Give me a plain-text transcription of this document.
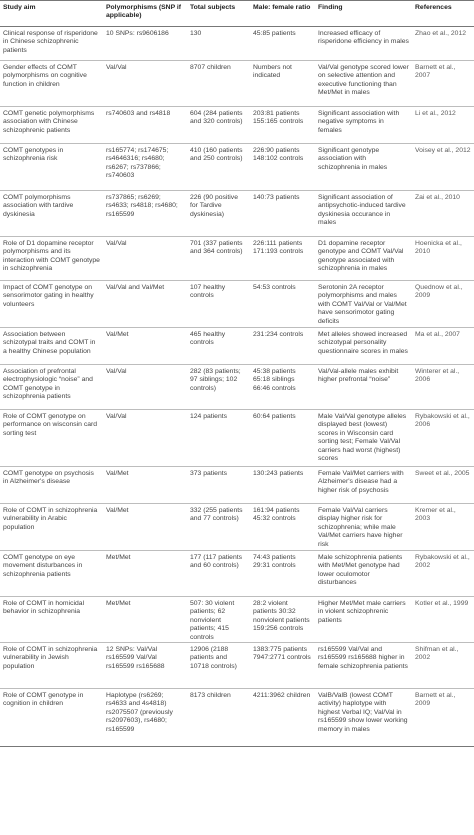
Study aim	Polymorphisms (SNP if applicable)	Total subjects	Male: female ratio	Finding	References
Clinical response of risperidone in Chinese schizophrenic patients	10 SNPs: rs9606186	130	45:85 patients	Increased efficacy of risperidone efficiency in males	Zhao et al., 2012
Gender effects of COMT polymorphisms on cognitive function in children	Val/Val	8707 children	Numbers not indicated	Val/Val genotype scored lower on selective attention and executive functioning than Met/Met in males	Barnett et al., 2007
COMT genetic polymorphisms association with Chinese schizophrenic patients	rs740603 and rs4818	604 (284 patients and 320 controls)	203:81 patients 155:165 controls	Significant association with negative symptoms in females	Li et al., 2012
COMT genotypes in schizophrenia risk	rs165774; rs174675; rs4646316; rs4680; rs6267; rs737866; rs740603	410 (160 patients and 250 controls)	226:90 patients 148:102 controls	Significant genotype association with schizophrenia in males	Voisey et al., 2012
COMT polymorphisms association with tardive dyskinesia	rs737865; rs6269; rs4633; rs4818; rs4680; rs165599	226 (90 positive for Tardive dyskinesia)	140:73 patients	Significant association of antipsychotic-induced tardive dyskinesia occurance in males	Zai et al., 2010
Role of D1 dopamine receptor polymorphisms and its interaction with COMT genotype in schizophrenia	Val/Val	701 (337 patients and 364 controls)	226:111 patients 171:193 controls	D1 dopamine receptor genotype and COMT Val/Val genotype associated with schizophrenia in males	Hoenicka et al., 2010
Impact of COMT genotype on sensorimotor gating in healthy volunteers	Val/Val and Val/Met	107 healthy controls	54:53 controls	Serotonin 2A receptor polymorphisms and males with COMT Val/Val or Val/Met have sensorimotor gating deficits	Quednow et al., 2009
Association between schizotypal traits and COMT in a healthy Chinese population	Val/Met	465 healthy controls	231:234 controls	Met alleles showed increased schizotypal personality questionnaire scores in males	Ma et al., 2007
Association of prefrontal electrophysiologic “noise” and COMT genotype in schizophrenia patients	Val/Val	282 (83 patients; 97 siblings; 102 controls)	45:38 patients 65:18 siblings 66:46 controls	Val/Val-allele males exhibit higher prefrontal “noise”	Winterer et al., 2006
Role of COMT genotype on performance on wisconsin card sorting test	Val/Val	124 patients	60:64 patients	Male Val/Val genotype alleles displayed best (lowest) scores in Wisconsin card sorting test; Female Val/Val carriers had worst (highest) scores	Rybakowski et al., 2006
COMT genotype on psychosis in Alzheimer's disease	Val/Met	373 patients	130:243 patients	Female Val/Met carriers with Alzheimer's disease had a higher risk of psychosis	Sweet et al., 2005
Role of COMT in schizophrenia vulnerability in Arabic population	Val/Met	332 (255 patients and 77 controls)	161:94 patients 45:32 controls	Female Val/Val carriers display higher risk for schizophrenia; while male Val/Met carriers have higher risk	Kremer et al., 2003
COMT genotype on eye movement disturbances in schizophrenia patients	Met/Met	177 (117 patients and 60 controls)	74:43 patients 29:31 controls	Male schizophrenia patients with Met/Met genotype had lower oculomotor disturbances	Rybakowski et al., 2002
Role of COMT in homicidal behavior in schizophrenia	Met/Met	507: 30 violent patients; 62 nonviolent patients; 415 controls	28:2 violent patients 30:32 nonviolent patients 159:256 controls	Higher Met/Met male carriers in violent schizophrenic patients	Kotler et al., 1999
Role of COMT in schizophrenia vulnerability in Jewish population	12 SNPs: Val/Val rs165599 Val/Val rs165599 rs165688	12906 (2188 patients and 10718 controls)	1383:775 patients 7947:2771 controls	rs165599 Val/Val and rs165599 rs165688 higher in female schizophrenia patients	Shifman et al., 2002
Role of COMT genotype in cognition in children	Haplotype (rs6269; rs4633 and 4s4818) rs2075507 (previously rs2097603), rs4680; rs165599	8173 children	4211:3962 children	ValB/ValB (lowest COMT activity) haplotype with highest Verbal IQ; Val/Val in rs165599 show lower working memory in males	Barnett et al., 2009
